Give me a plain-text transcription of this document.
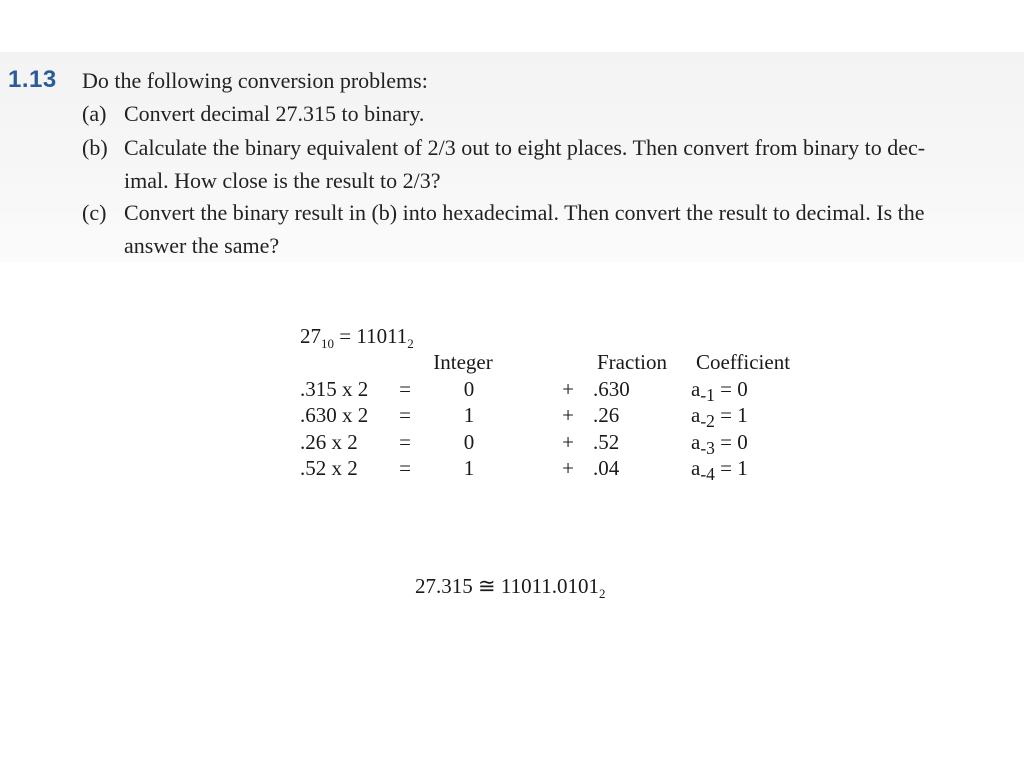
1.13 Do the following conversion problems:
(a) Convert decimal 27.315 to binary.
(b) Calculate the binary equivalent of 2/3 out to eight places. Then convert from binary to dec-
imal. How close is the result to 2/3?
(c) Convert the binary result in (b) into hexadecimal. Then convert the result to decimal. Is the
answer the same?
$27_{10} = 11011_2$
Integer	Fraction Coefficient
.315 x 2 =	0	+ .630	$a_{-1} = 0$
.630 x 2 =	1	+ .26	$a_{-2} = 1$
.26 x 2 =	0	+ .52	$a_{-3} = 0$
.52 x 2 =	1	+ .04	$a_{-4} = 1$
27.315 ≅ $11011.0101_2$
